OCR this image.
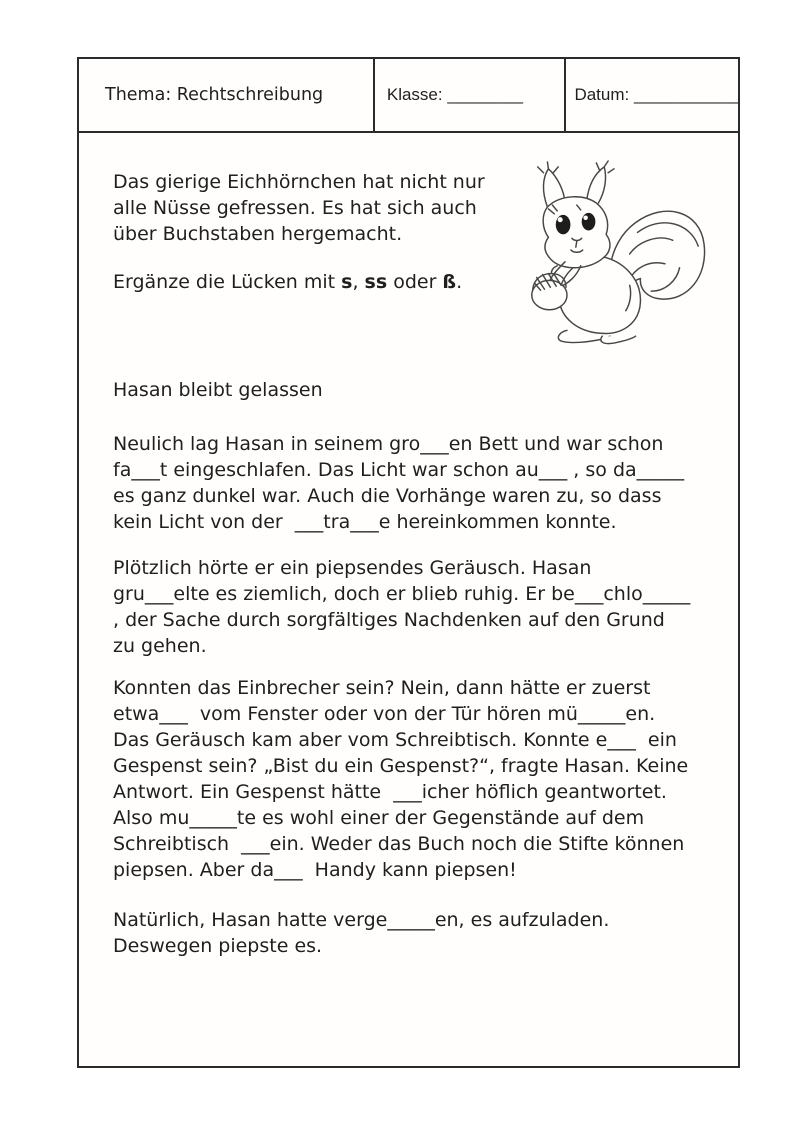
Thema: Rechtschreibung	Klasse: ________	Datum: ___________
Das gierige Eichhörnchen hat nicht nur
alle Nüsse gefressen. Es hat sich auch
über Buchstaben hergemacht.
Ergänze die Lücken mit s, ss oder ß.
Hasan bleibt gelassen
Neulich lag Hasan in seinem gro___en Bett und war schon
fa___t eingeschlafen. Das Licht war schon au___ , so da_____
es ganz dunkel war. Auch die Vorhänge waren zu, so dass
kein Licht von der  ___tra___e hereinkommen konnte.
Plötzlich hörte er ein piepsendes Geräusch. Hasan
gru___elte es ziemlich, doch er blieb ruhig. Er be___chlo_____
, der Sache durch sorgfältiges Nachdenken auf den Grund
zu gehen.
Konnten das Einbrecher sein? Nein, dann hätte er zuerst
etwa___  vom Fenster oder von der Tür hören mü_____en.
Das Geräusch kam aber vom Schreibtisch. Konnte e___  ein
Gespenst sein? „Bist du ein Gespenst?“, fragte Hasan. Keine
Antwort. Ein Gespenst hätte  ___icher höflich geantwortet.
Also mu_____te es wohl einer der Gegenstände auf dem
Schreibtisch  ___ein. Weder das Buch noch die Stifte können
piepsen. Aber da___  Handy kann piepsen!
Natürlich, Hasan hatte verge_____en, es aufzuladen.
Deswegen piepste es.
